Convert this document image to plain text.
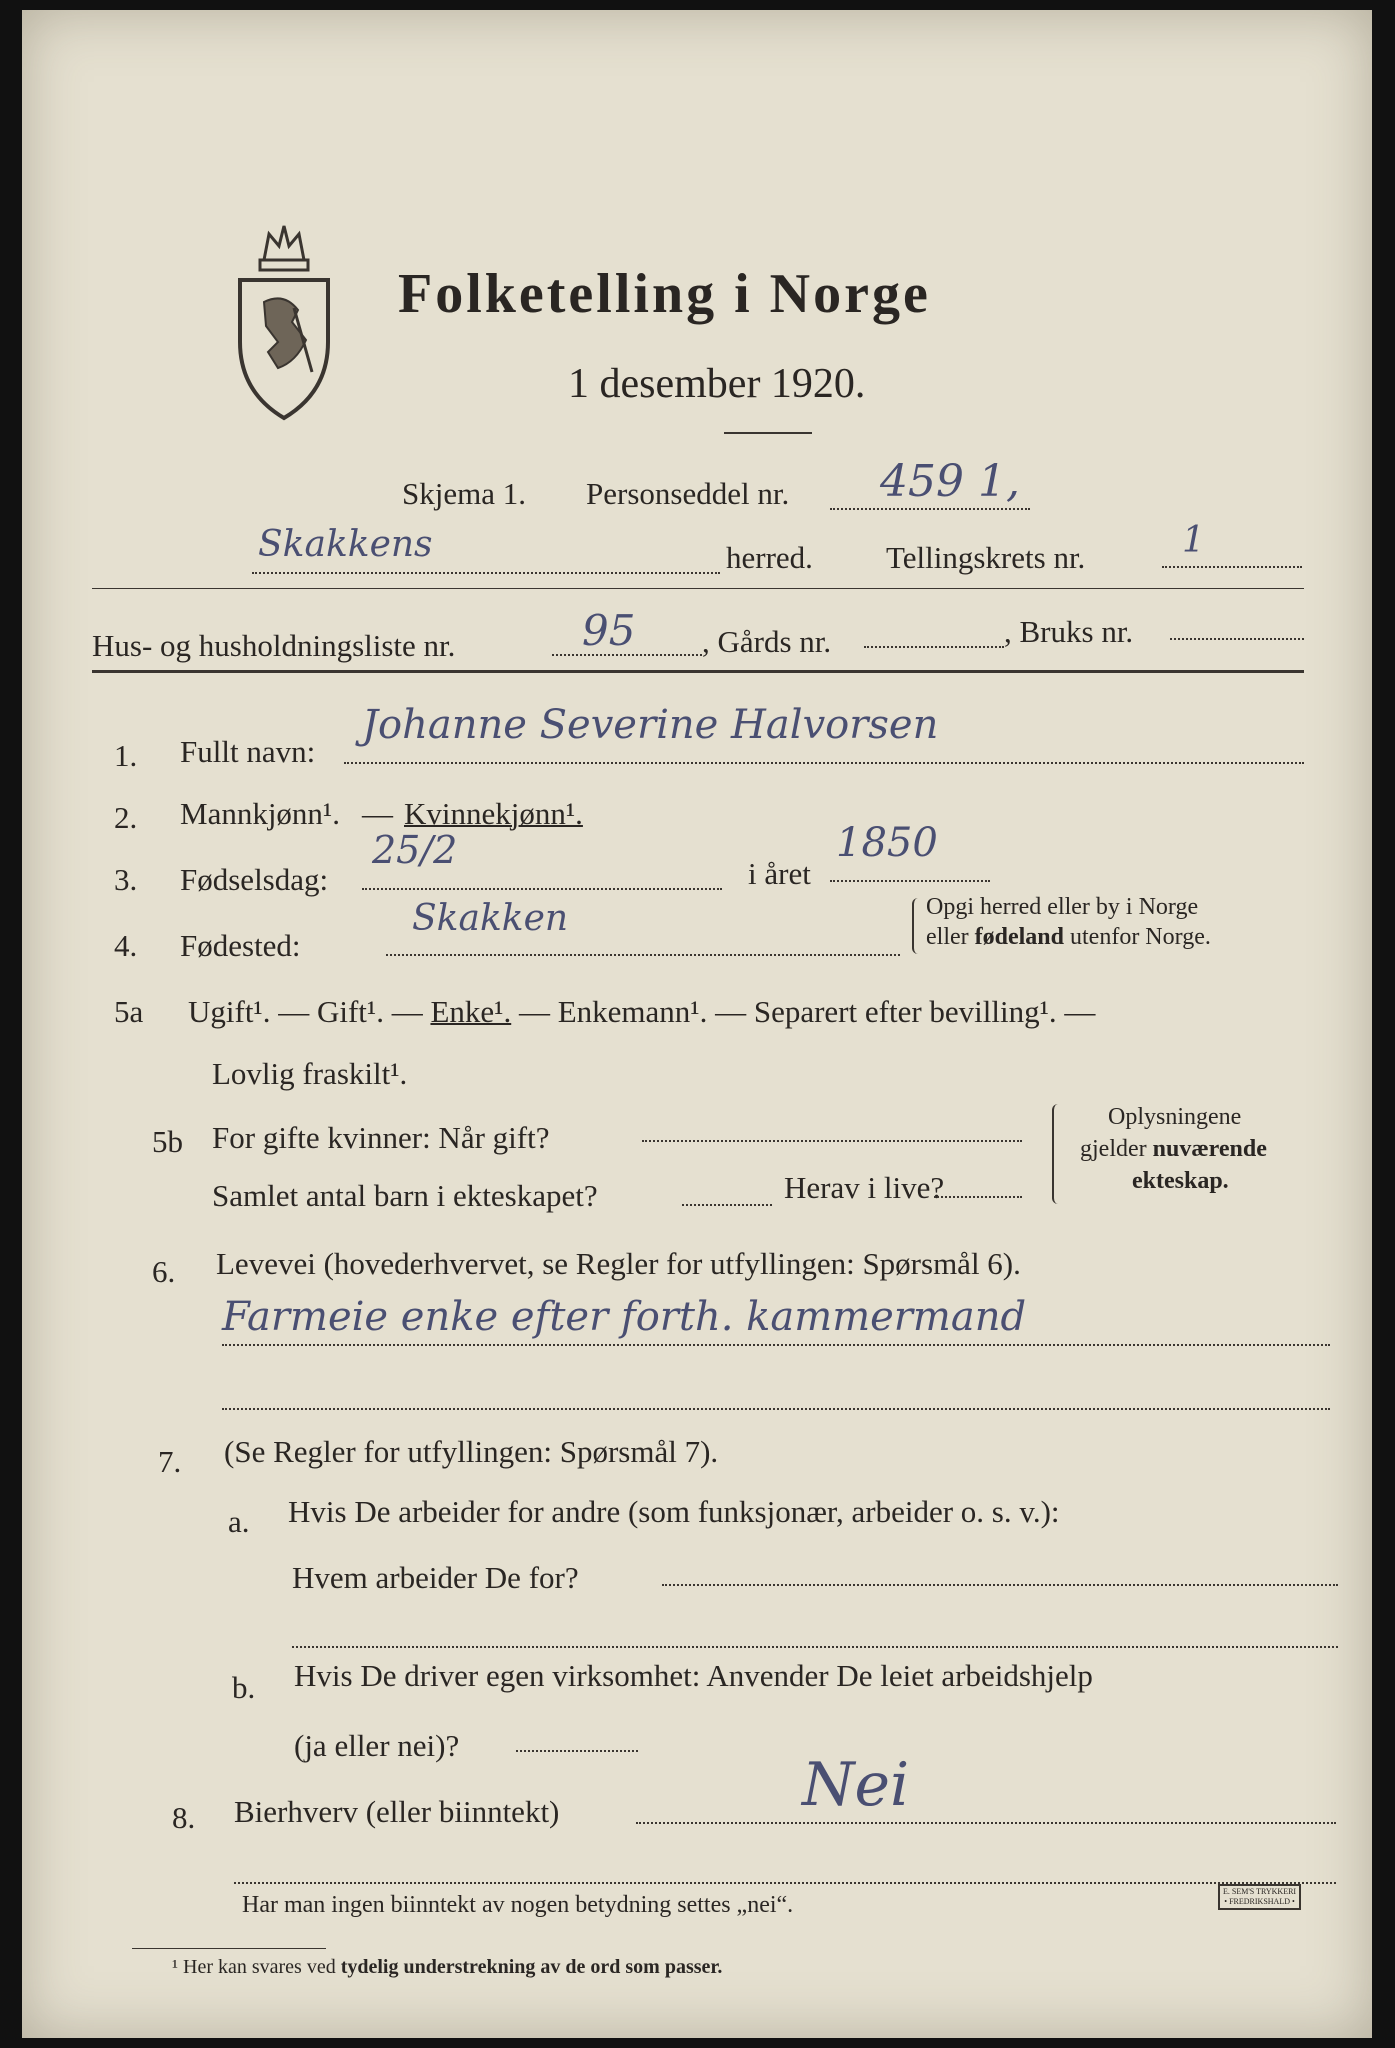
Folketelling i Norge
1 desember 1920.
Skjema 1. Personseddel nr. 459 1,
Skakkens	herred. Tellingskrets nr.	1
Hus- og husholdningsliste nr.	95 , Gårds nr.	, Bruks nr.
1. Fullt navn:
Johanne Severine Halvorsen
2. Mannkjønn¹. — Kvinnekjønn¹.
3. Fødselsdag:
25/2
i året
1850
4. Fødested:
Skakken	Opgi herred eller by i Norge
eller fødeland utenfor Norge.
5a Ugift¹. — Gift¹. — Enke¹. — Enkemann¹. — Separert efter bevilling¹. —
Lovlig fraskilt¹.
5b For gifte kvinner: Når gift?
Samlet antal barn i ekteskapet?	Herav i live?
Oplysningene
gjelder nuværende
ekteskap.
6. Levevei (hovederhvervet, se Regler for utfyllingen: Spørsmål 6).
Farmeie enke efter forth. kammermand
7. (Se Regler for utfyllingen: Spørsmål 7).
a. Hvis De arbeider for andre (som funksjonær, arbeider o. s. v.):
Hvem arbeider De for?
b. Hvis De driver egen virksomhet: Anvender De leiet arbeidshjelp
(ja eller nei)?
8. Bierhverv (eller biinntekt)	Nei
Har man ingen biinntekt av nogen betydning settes „nei“.
¹ Her kan svares ved tydelig understrekning av de ord som passer.
E. SEM'S TRYKKERI
• FREDRIKSHALD •
